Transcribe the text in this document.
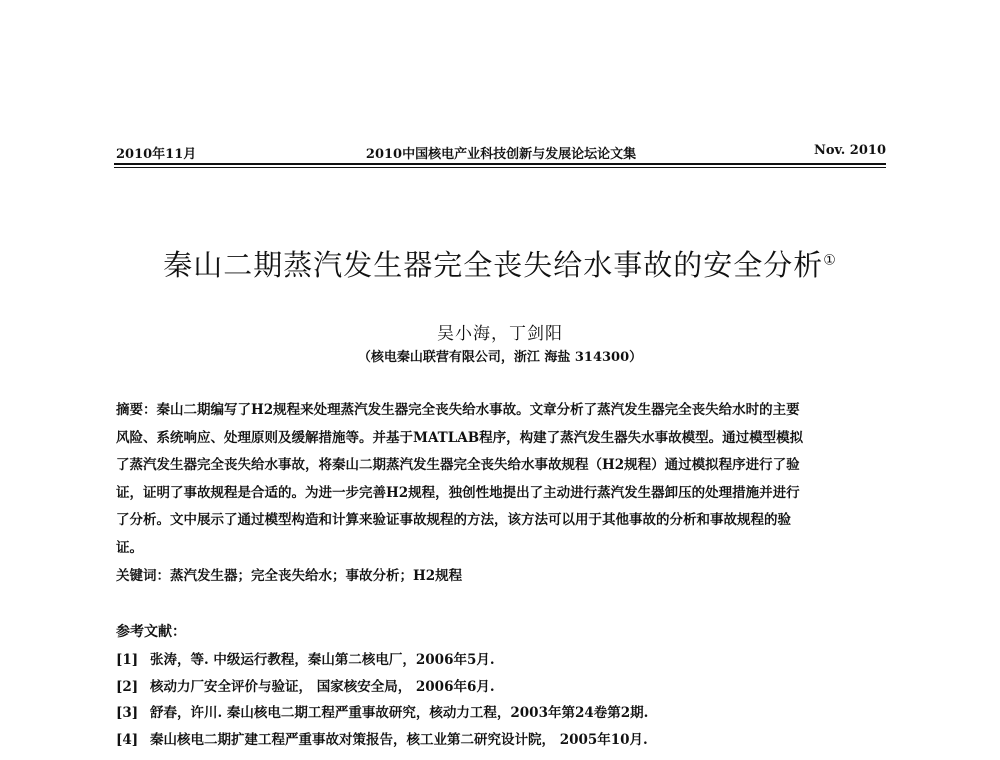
2010中国核电产业科技创新与发展论坛论文集
2010年11月	Nov. 2010
秦山二期蒸汽发生器完全丧失给水事故的安全分析①
吴小海，丁剑阳
（核电秦山联营有限公司，浙江 海盐 314300）
摘要：秦山二期编写了H2规程来处理蒸汽发生器完全丧失给水事故。文章分析了蒸汽发生器完全丧失给水时的主要
风险、系统响应、处理原则及缓解措施等。并基于MATLAB程序，构建了蒸汽发生器失水事故模型。通过模型模拟
了蒸汽发生器完全丧失给水事故，将秦山二期蒸汽发生器完全丧失给水事故规程（H2规程）通过模拟程序进行了验
证，证明了事故规程是合适的。为进一步完善H2规程，独创性地提出了主动进行蒸汽发生器卸压的处理措施并进行
了分析。文中展示了通过模型构造和计算来验证事故规程的方法，该方法可以用于其他事故的分析和事故规程的验
证。
关键词：蒸汽发生器；完全丧失给水；事故分析；H2规程
参考文献：
[1] 张涛，等. 中级运行教程，秦山第二核电厂，2006年5月.
[2] 核动力厂安全评价与验证， 国家核安全局， 2006年6月.
[3] 舒春，许川. 秦山核电二期工程严重事故研究，核动力工程，2003年第24卷第2期.
[4] 秦山核电二期扩建工程严重事故对策报告，核工业第二研究设计院， 2005年10月.
